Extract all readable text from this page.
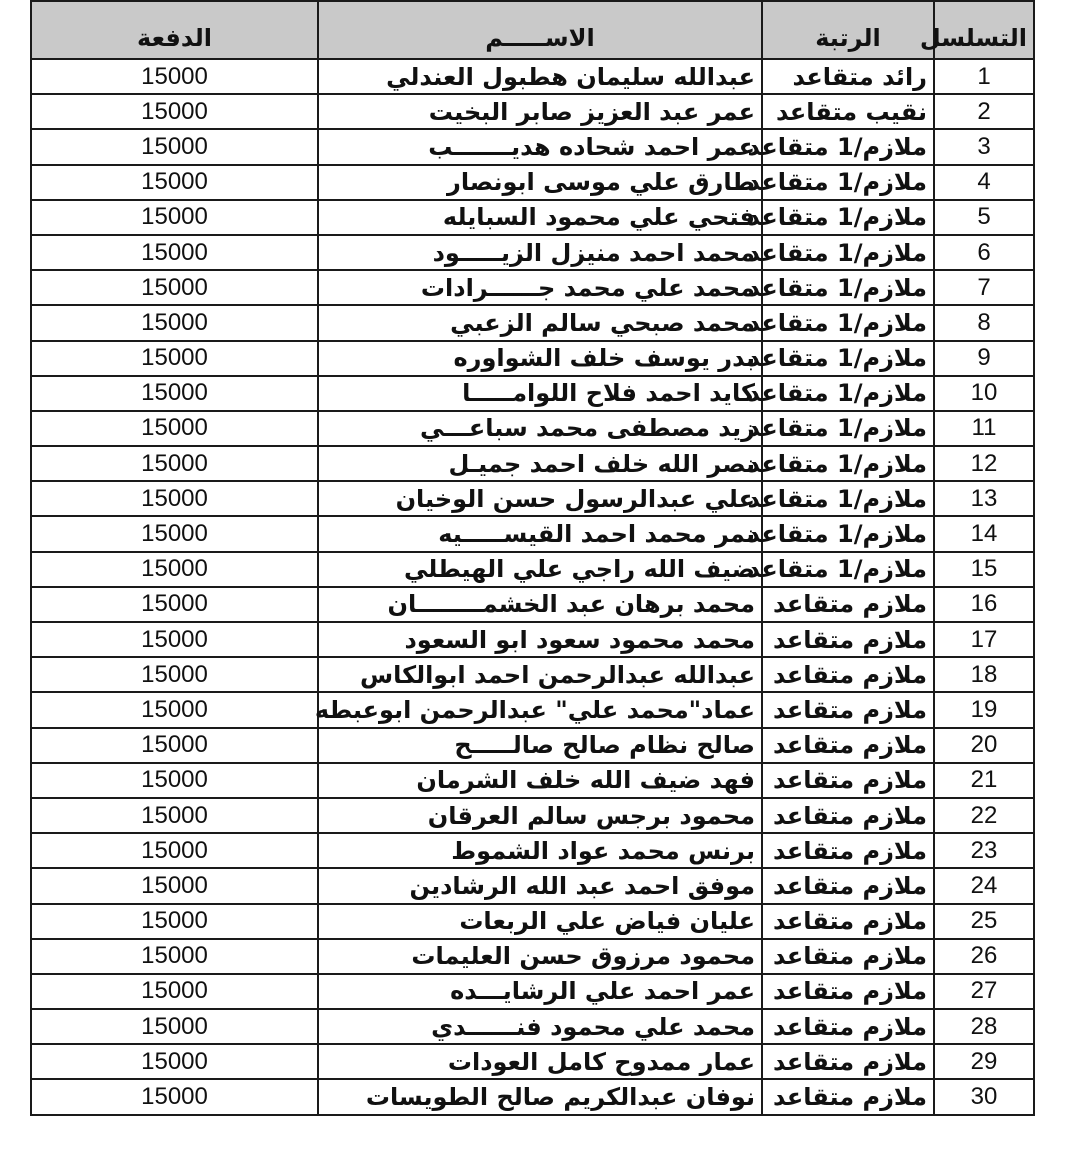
التسلسل	الرتبة	الاســـــم	الدفعة
1	رائد متقاعد	عبدالله سليمان هطبول العندلي	15000
2	نقيب متقاعد	عمر عبد العزيز صابر البخيت	15000
3	ملازم/1 متقاعد	عمر احمد شحاده هديـــــــب	15000
4	ملازم/1 متقاعد	طارق علي موسى ابونصار	15000
5	ملازم/1 متقاعد	فتحي علي محمود السبايله	15000
6	ملازم/1 متقاعد	محمد احمد منيزل الزيـــــود	15000
7	ملازم/1 متقاعد	محمد علي محمد جــــــرادات	15000
8	ملازم/1 متقاعد	محمد صبحي سالم الزعبي	15000
9	ملازم/1 متقاعد	بدر يوسف خلف الشواوره	15000
10	ملازم/1 متقاعد	كايد احمد فلاح اللوامـــــا	15000
11	ملازم/1 متقاعد	زيد مصطفى محمد سباعـــي	15000
12	ملازم/1 متقاعد	نصر الله خلف احمد جميـل	15000
13	ملازم/1 متقاعد	علي عبدالرسول حسن الوخيان	15000
14	ملازم/1 متقاعد	نمر محمد احمد القيســـــيه	15000
15	ملازم/1 متقاعد	ضيف الله راجي علي الهيطلي	15000
16	ملازم متقاعد	محمد برهان عبد الخشمــــــــان	15000
17	ملازم متقاعد	محمد محمود سعود ابو السعود	15000
18	ملازم متقاعد	عبدالله عبدالرحمن احمد ابوالكاس	15000
19	ملازم متقاعد	عماد"محمد علي" عبدالرحمن ابوعبطه	15000
20	ملازم متقاعد	صالح نظام صالح صالـــــح	15000
21	ملازم متقاعد	فهد ضيف الله خلف الشرمان	15000
22	ملازم متقاعد	محمود برجس سالم العرقان	15000
23	ملازم متقاعد	برنس محمد عواد الشموط	15000
24	ملازم متقاعد	موفق احمد عبد الله الرشادين	15000
25	ملازم متقاعد	عليان فياض علي الربعات	15000
26	ملازم متقاعد	محمود مرزوق حسن العليمات	15000
27	ملازم متقاعد	عمر احمد علي الرشايـــده	15000
28	ملازم متقاعد	محمد علي محمود فنــــــدي	15000
29	ملازم متقاعد	عمار ممدوح كامل العودات	15000
30	ملازم متقاعد	نوفان عبدالكريم صالح الطويسات	15000
